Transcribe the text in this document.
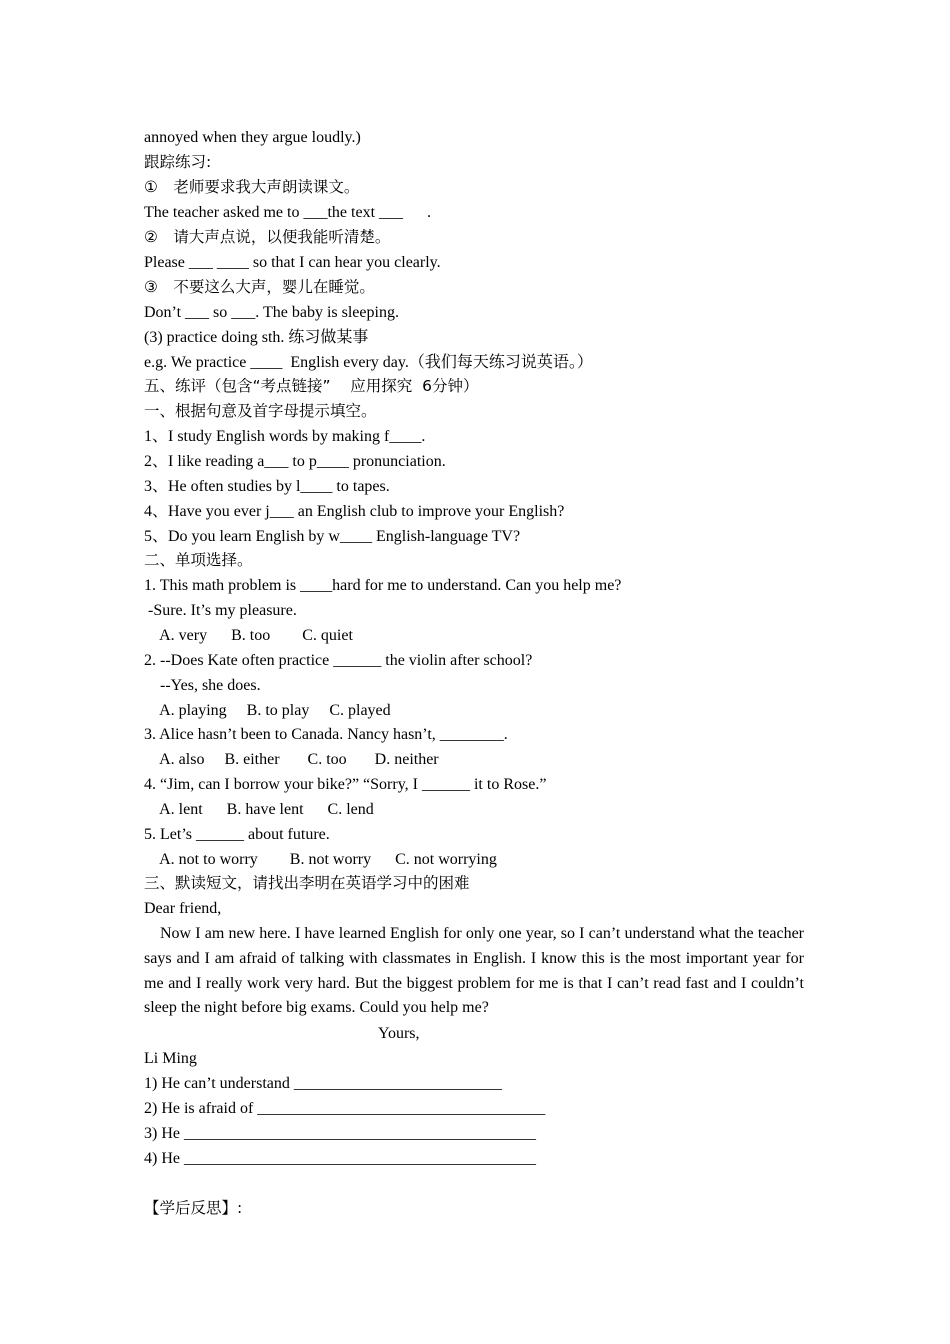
annoyed when they argue loudly.)
跟踪练习:
①　老师要求我大声朗读课文。
The teacher asked me to ___the text ___      .
②　请大声点说，以便我能听清楚。
Please ___ ____ so that I can hear you clearly.
③　不要这么大声，婴儿在睡觉。
Don’t ___ so ___. The baby is sleeping.
(3) practice doing sth. 练习做某事
e.g. We practice ____  English every day.（我们每天练习说英语。）
五、练评（包含“考点链接”    应用探究  6分钟）
一、根据句意及首字母提示填空。
1、I study English words by making f____.
2、I like reading a___ to p____ pronunciation.
3、He often studies by l____ to tapes.
4、Have you ever j___ an English club to improve your English?
5、Do you learn English by w____ English-language TV?
二、单项选择。
1. This math problem is ____hard for me to understand. Can you help me?
-Sure. It’s my pleasure.
A. very      B. too        C. quiet
2. --Does Kate often practice ______ the violin after school?
--Yes, she does.
A. playing     B. to play     C. played
3. Alice hasn’t been to Canada. Nancy hasn’t, ________.
A. also     B. either       C. too       D. neither
4. “Jim, can I borrow your bike?” “Sorry, I ______ it to Rose.”
A. lent      B. have lent      C. lend
5. Let’s ______ about future.
A. not to worry        B. not worry      C. not worrying
三、默读短文，请找出李明在英语学习中的困难
Dear friend,
Now I am new here. I have learned English for only one year, so I can’t understand what the teacher says and I am afraid of talking with classmates in English. I know this is the most important year for me and I really work very hard. But the biggest problem for me is that I can’t read fast and I couldn’t sleep the night before big exams. Could you help me?
Yours,
Li Ming
1) He can’t understand __________________________
2) He is afraid of ____________________________________
3) He ____________________________________________
4) He ____________________________________________
【学后反思】:
